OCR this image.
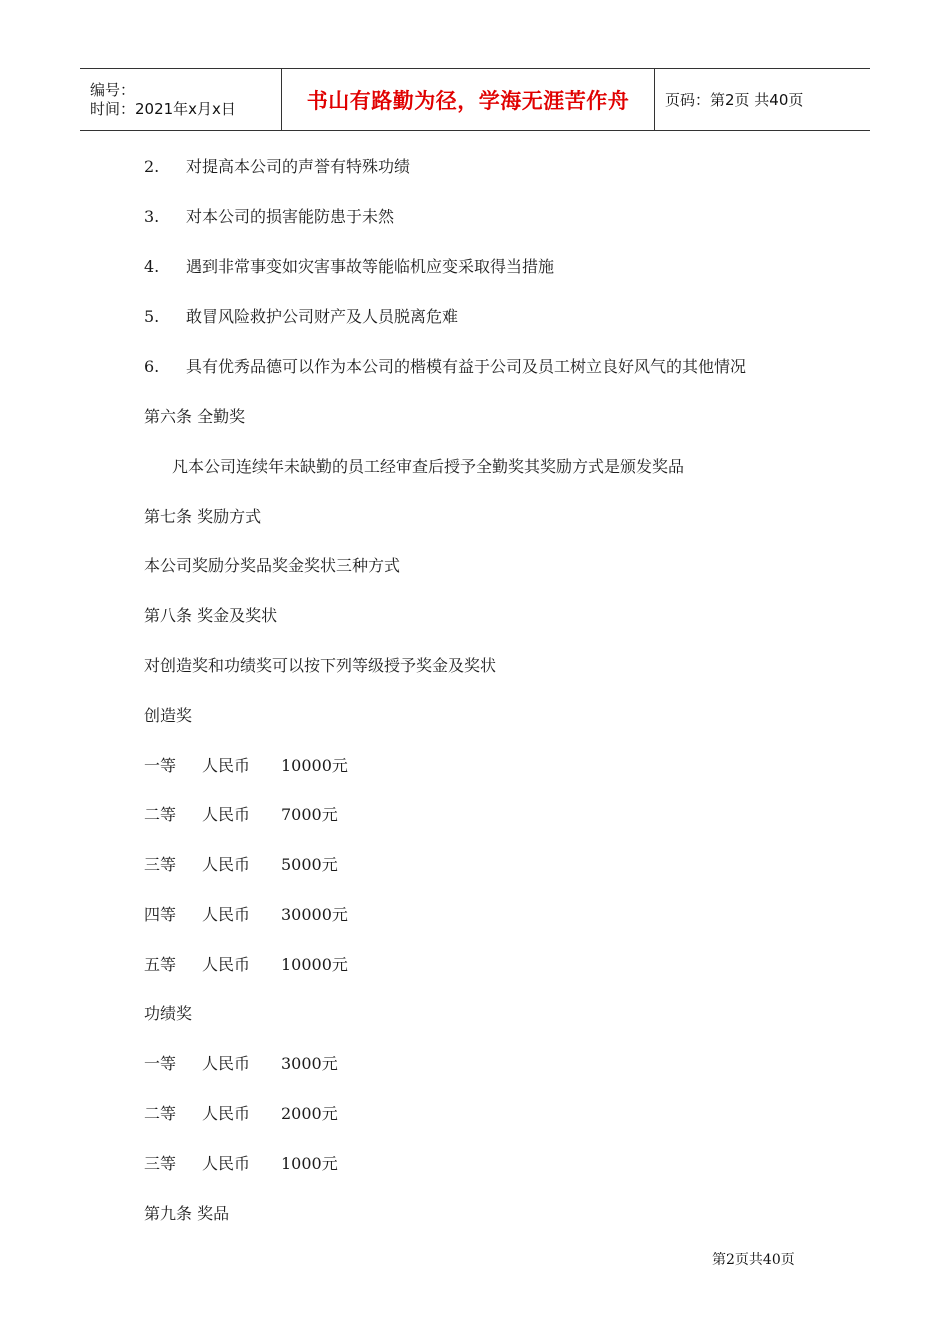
编号：
时间：2021年x月x日	书山有路勤为径，学海无涯苦作舟	页码：第2页 共40页
2. 对提高本公司的声誉有特殊功绩
3. 对本公司的损害能防患于未然
4. 遇到非常事变如灾害事故等能临机应变采取得当措施
5. 敢冒风险救护公司财产及人员脱离危难
6. 具有优秀品德可以作为本公司的楷模有益于公司及员工树立良好风气的其他情况
第六条 全勤奖
凡本公司连续年未缺勤的员工经审查后授予全勤奖其奖励方式是颁发奖品
第七条 奖励方式
本公司奖励分奖品奖金奖状三种方式
第八条 奖金及奖状
对创造奖和功绩奖可以按下列等级授予奖金及奖状
创造奖
一等 人民币 10000元
二等 人民币 7000元
三等 人民币 5000元
四等 人民币 30000元
五等 人民币 10000元
功绩奖
一等 人民币 3000元
二等 人民币 2000元
三等 人民币 1000元
第九条 奖品
第2页共40页
